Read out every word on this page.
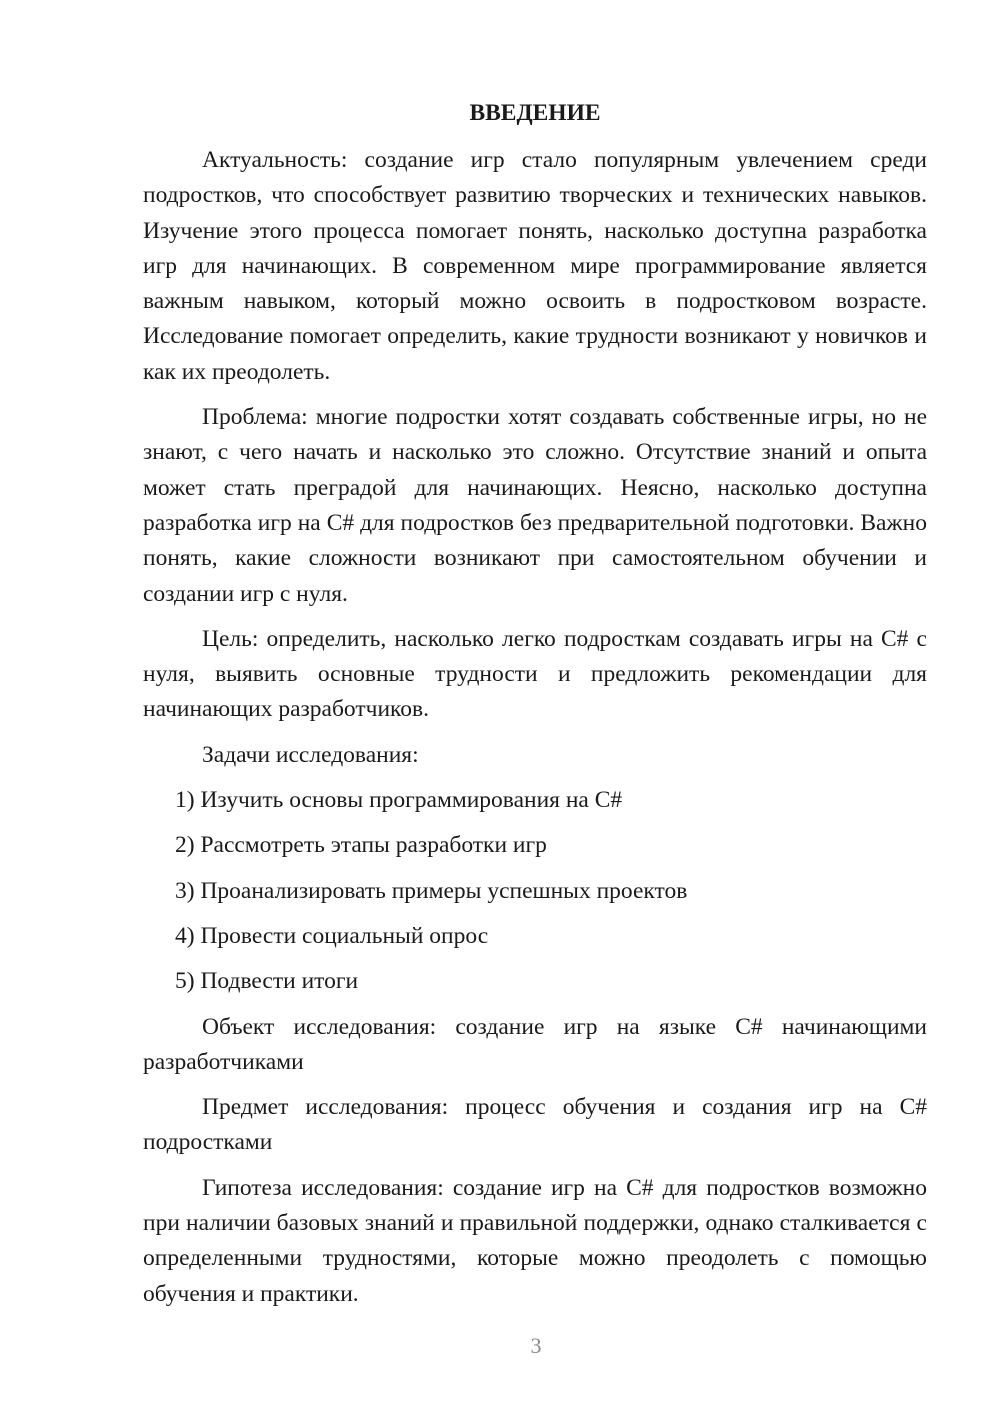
ВВЕДЕНИЕ

Актуальность: создание игр стало популярным увлечением среди подростков, что способствует развитию творческих и технических навыков. Изучение этого процесса помогает понять, насколько доступна разработка игр для начинающих. В современном мире программирование является важным навыком, который можно освоить в подростковом возрасте. Исследование помогает определить, какие трудности возникают у новичков и как их преодолеть.

Проблема: многие подростки хотят создавать собственные игры, но не знают, с чего начать и насколько это сложно. Отсутствие знаний и опыта может стать преградой для начинающих. Неясно, насколько доступна разработка игр на C# для подростков без предварительной подготовки. Важно понять, какие сложности возникают при самостоятельном обучении и создании игр с нуля.

Цель: определить, насколько легко подросткам создавать игры на C# с нуля, выявить основные трудности и предложить рекомендации для начинающих разработчиков.

Задачи исследования:

1) Изучить основы программирования на C#

2) Рассмотреть этапы разработки игр

3) Проанализировать примеры успешных проектов

4) Провести социальный опрос

5) Подвести итоги

Объект исследования: создание игр на языке C# начинающими разработчиками

Предмет исследования: процесс обучения и создания игр на C# подростками

Гипотеза исследования: создание игр на C# для подростков возможно при наличии базовых знаний и правильной поддержки, однако сталкивается с определенными трудностями, которые можно преодолеть с помощью обучения и практики.

3
